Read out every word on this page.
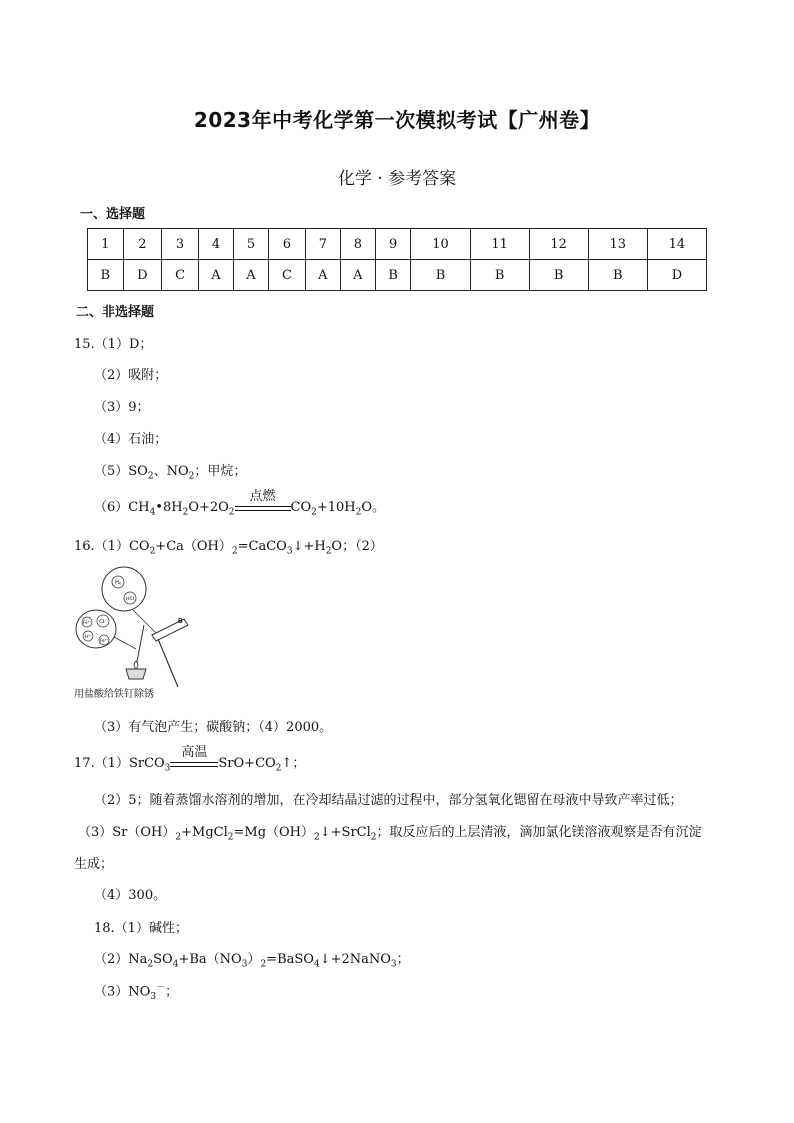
2023年中考化学第一次模拟考试【广州卷】
化学 · 参考答案
一、选择题
1	2	3	4	5	6	7	8	9	10	11	12	13	14
B	D	C	A	A	C	A	A	B	B	B	B	B	D
二、非选择题
15.（1）D；
（2）吸附；
（3）9；
（4）石油；
$(5)SO_2$、$NO_2$；甲烷；
$(6)CH_4•8H_2O+2O_2$
点燃
$CO_2+10H_2O$。
$16.(1)CO_2+Ca(OH)_2=CaCO_3↓+H_2O$；（2）
H₂
HCl
Fe³⁺ Cl⁻
H⁺
Fe³⁺
B
用盐酸给铁钉除锈
（3）有气泡产生；碳酸钠；（4）2000。
17.（1）SrCO$_3$
高温
$SrO+CO_2↑$；
（2）5；随着蒸馏水溶剂的增加，在冷却结晶过滤的过程中，部分氢氧化锶留在母液中导致产率过低；
$(3)Sr(OH)_2+MgCl_2=Mg(OH)_2↓+SrCl_2$；取反应后的上层清液，滴加氯化镁溶液观察是否有沉淀
生成；
（4）300。
18.（1）碱性；
$(2)Na_2SO_4+Ba(NO_3)_2=BaSO_4↓+2NaNO_3$；
$(3)NO_3^-$；
